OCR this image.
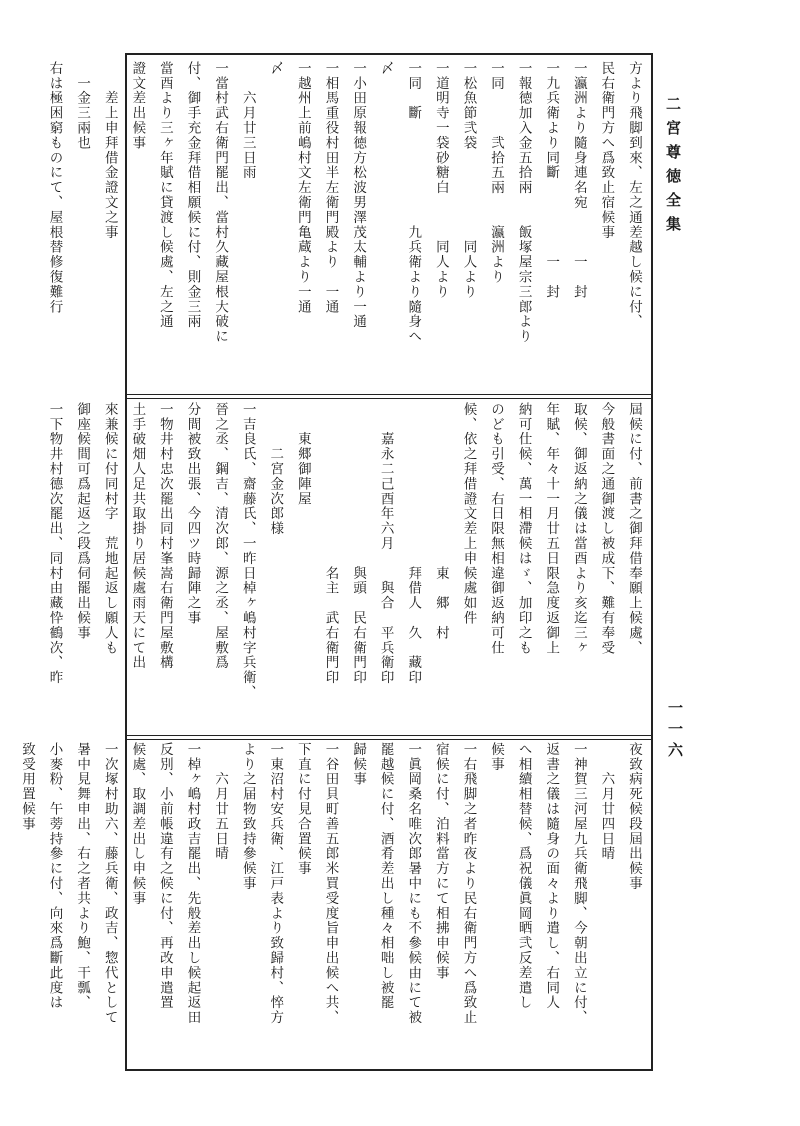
二宮尊徳全集
一一六

方より飛脚到來、左之通差越し候に付、

民右衛門方へ爲致止宿候事

一瀛洲より隨身連名宛　　　一　封

一九兵衛より同斷　　　　　一　封

一報徳加入金五拾兩　　飯塚屋宗三郎より

一同　　　弐拾五兩　　瀛洲より

一松魚節弐袋　　　　　　同人より

一道明寺一袋砂糖白　　　同人より

一同　斷　　　　　　　九兵衛より隨身へ

〆

一小田原報徳方松波男澤茂太輔より一通

一相馬重役村田半左衛門殿より　一通

一越州上前嶋村文左衛門亀蔵より一通

〆

　　六月廿三日雨

一當村武右衛門罷出、當村久藏屋根大破に

付、御手充金拜借相願候に付、則金三兩

當酉より三ヶ年賦に貸渡し候處、左之通

證文差出候事

　　差上申拜借金證文之事

　一金三兩也

右は極困窮ものにて、屋根替修復難行

屆候に付、前書之御拜借奉願上候處、

今般書面之通御渡し被成下、難有奉受

取候、御返納之儀は當酉より亥迄三ヶ

年賦、年々十一月廿五日限急度返御上

納可仕候、萬一相滯候はゞ、加印之も

のども引受、右日限無相違御返納可仕

候、依之拜借證文差上申候處如件

　　　　　　　　　　　東　郷　村

　　　　　　　　　　　拜借人　久　藏印

　　嘉永二己酉年六月　　與合　平兵衛印

　　　　　　　　　　　與頭　民右衛門印

　　　　　　　　　　　名主　武右衛門印

　　東郷御陣屋

　　　二宮金次郎様

一吉良氏、齋藤氏、一昨日棹ヶ嶋村字兵衛、

晉之丞、鋼吉、清次郎、源之丞、屋敷爲

分間被致出張、今四ツ時歸陣之事

一物井村忠次罷出同村峯嵩右衛門屋敷構

土手破畑人足共取掛り居候處雨天にて出

來兼候に付同村字　荒地起返し願人も

御座候間可爲起返之段爲伺罷出候事

一下物井村德次罷出、同村由藏忰鶴次、昨

夜致病死候段屆出候事

　　六月廿四日晴

一神賀三河屋九兵衛飛脚、今朝出立に付、

返書之儀は隨身の面々より遣し、右同人

へ相續相替候、爲祝儀眞岡晒弐反差遣し

候事

一右飛脚之者昨夜より民右衛門方へ爲致止

宿候に付、泊料當方にて相拂申候事

一眞岡桑名唯次郎暑中にも不參候由にて被

罷越候に付、酒肴差出し種々相咄し被罷

歸候事

一谷田貝町善五郎米買受度旨申出候へ共、

下直に付見合置候事

一東沼村安兵衛、江戸表より致歸村、悴方

より之届物致持參候事

　　六月廿五日晴

一棹ヶ嶋村政吉罷出、先般差出し候起返田

反別、小前帳違有之候に付、再改申遣置

候處、取調差出し申候事

一次塚村助六、藤兵衛、政吉、惣代として

暑中見舞申出、右之者共より鮑、干瓢、

小麥粉、午蒡持參に付、向來爲斷此度は

致受用置候事
